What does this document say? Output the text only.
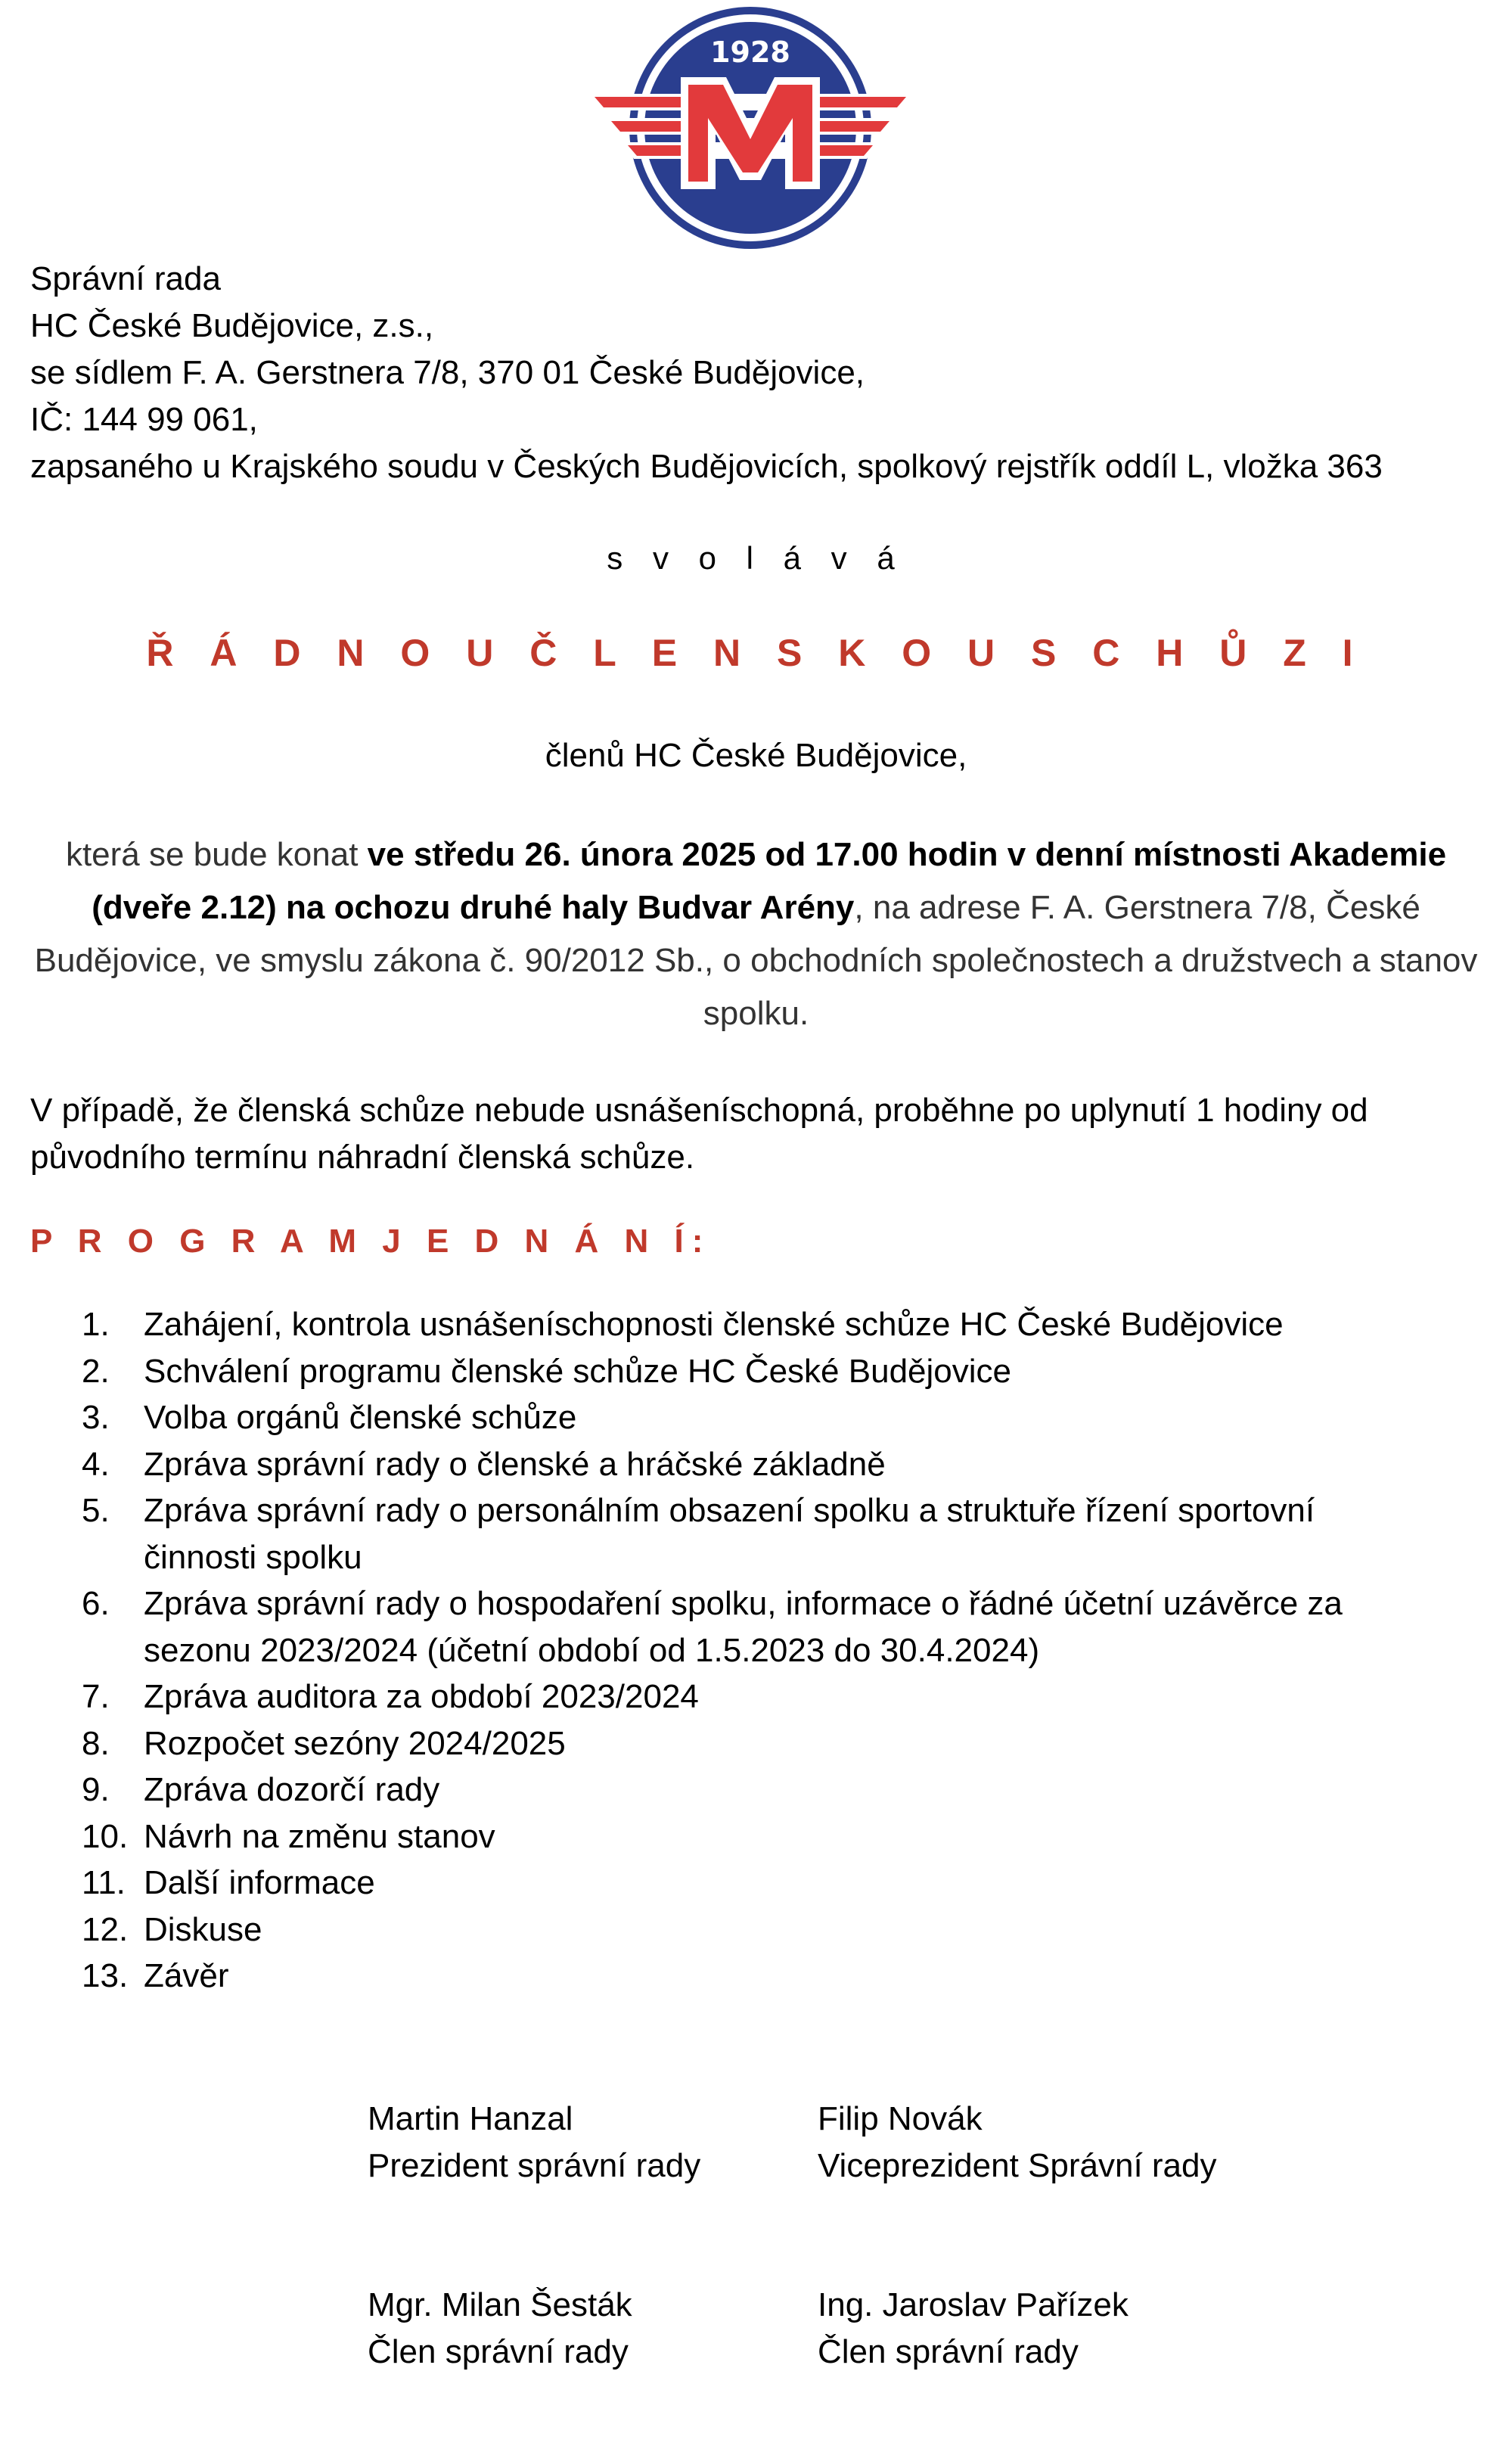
1928
Správní rada
HC České Budějovice, z.s.,
se sídlem F. A. Gerstnera 7/8, 370 01 České Budějovice,
IČ: 144 99 061,
zapsaného u Krajského soudu v Českých Budějovicích, spolkový rejstřík oddíl L, vložka 363
s v o l á v á
Ř Á D N O U Č L E N S K O U S C H Ů Z I
členů HC České Budějovice,
která se bude konat ve středu 26. února 2025 od 17.00 hodin v denní místnosti Akademie (dveře 2.12) na ochozu druhé haly Budvar Arény, na adrese F. A. Gerstnera 7/8, České Budějovice, ve smyslu zákona č. 90/2012 Sb., o obchodních společnostech a družstvech a stanov spolku.
V případě, že členská schůze nebude usnášeníschopná, proběhne po uplynutí 1 hodiny od původního termínu náhradní členská schůze.
P R O G R A M J E D N Á N Í:
1.	Zahájení, kontrola usnášeníschopnosti členské schůze HC České Budějovice
2.	Schválení programu členské schůze HC České Budějovice
3.	Volba orgánů členské schůze
4.	Zpráva správní rady o členské a hráčské základně
5.	Zpráva správní rady o personálním obsazení spolku a struktuře řízení sportovní činnosti spolku
6.	Zpráva správní rady o hospodaření spolku, informace o řádné účetní uzávěrce za sezonu 2023/2024 (účetní období od 1.5.2023 do 30.4.2024)
7.	Zpráva auditora za období 2023/2024
8.	Rozpočet sezóny 2024/2025
9.	Zpráva dozorčí rady
10. Návrh na změnu stanov
11. Další informace
12. Diskuse
13. Závěr
Martin Hanzal
Prezident správní rady
Filip Novák
Viceprezident Správní rady
Mgr. Milan Šesták
Člen správní rady
Ing. Jaroslav Pařízek
Člen správní rady
